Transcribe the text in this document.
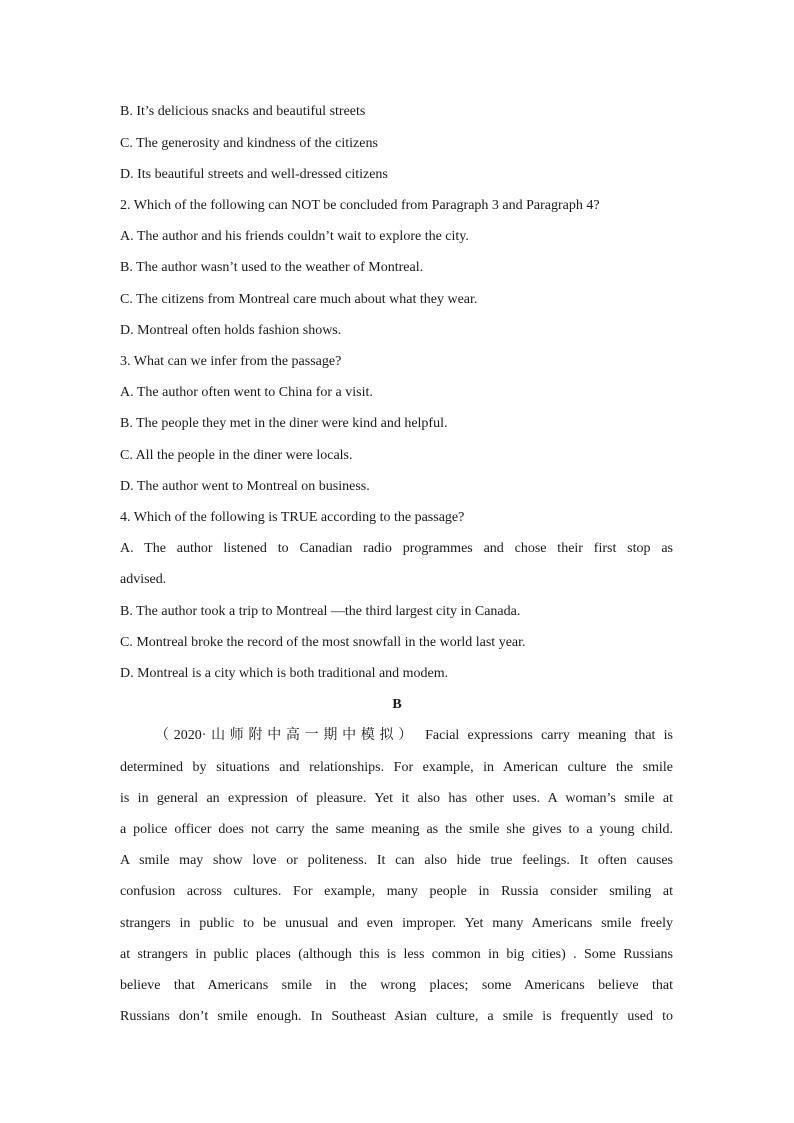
B. It’s delicious snacks and beautiful streets
C. The generosity and kindness of the citizens
D. Its beautiful streets and well-dressed citizens
2. Which of the following can NOT be concluded from Paragraph 3 and Paragraph 4?
A. The author and his friends couldn’t wait to explore the city.
B. The author wasn’t used to the weather of Montreal.
C. The citizens from Montreal care much about what they wear.
D. Montreal often holds fashion shows.
3. What can we infer from the passage?
A. The author often went to China for a visit.
B. The people they met in the diner were kind and helpful.
C. All the people in the diner were locals.
D. The author went to Montreal on business.
4. Which of the following is TRUE according to the passage?
A. The author listened to Canadian radio programmes and chose their first stop as
advised.
B. The author took a trip to Montreal —the third largest city in Canada.
C. Montreal broke the record of the most snowfall in the world last year.
D. Montreal is a city which is both traditional and modem.
B
（2020·山师附中高一期中模拟） Facial expressions carry meaning that is
determined by situations and relationships. For example, in American culture the smile
is in general an expression of pleasure. Yet it also has other uses. A woman’s smile at
a police officer does not carry the same meaning as the smile she gives to a young child.
A smile may show love or politeness. It can also hide true feelings. It often causes
confusion across cultures. For example, many people in Russia consider smiling at
strangers in public to be unusual and even improper. Yet many Americans smile freely
at strangers in public places (although this is less common in big cities) . Some Russians
believe that Americans smile in the wrong places; some Americans believe that
Russians don’t smile enough. In Southeast Asian culture, a smile is frequently used to
